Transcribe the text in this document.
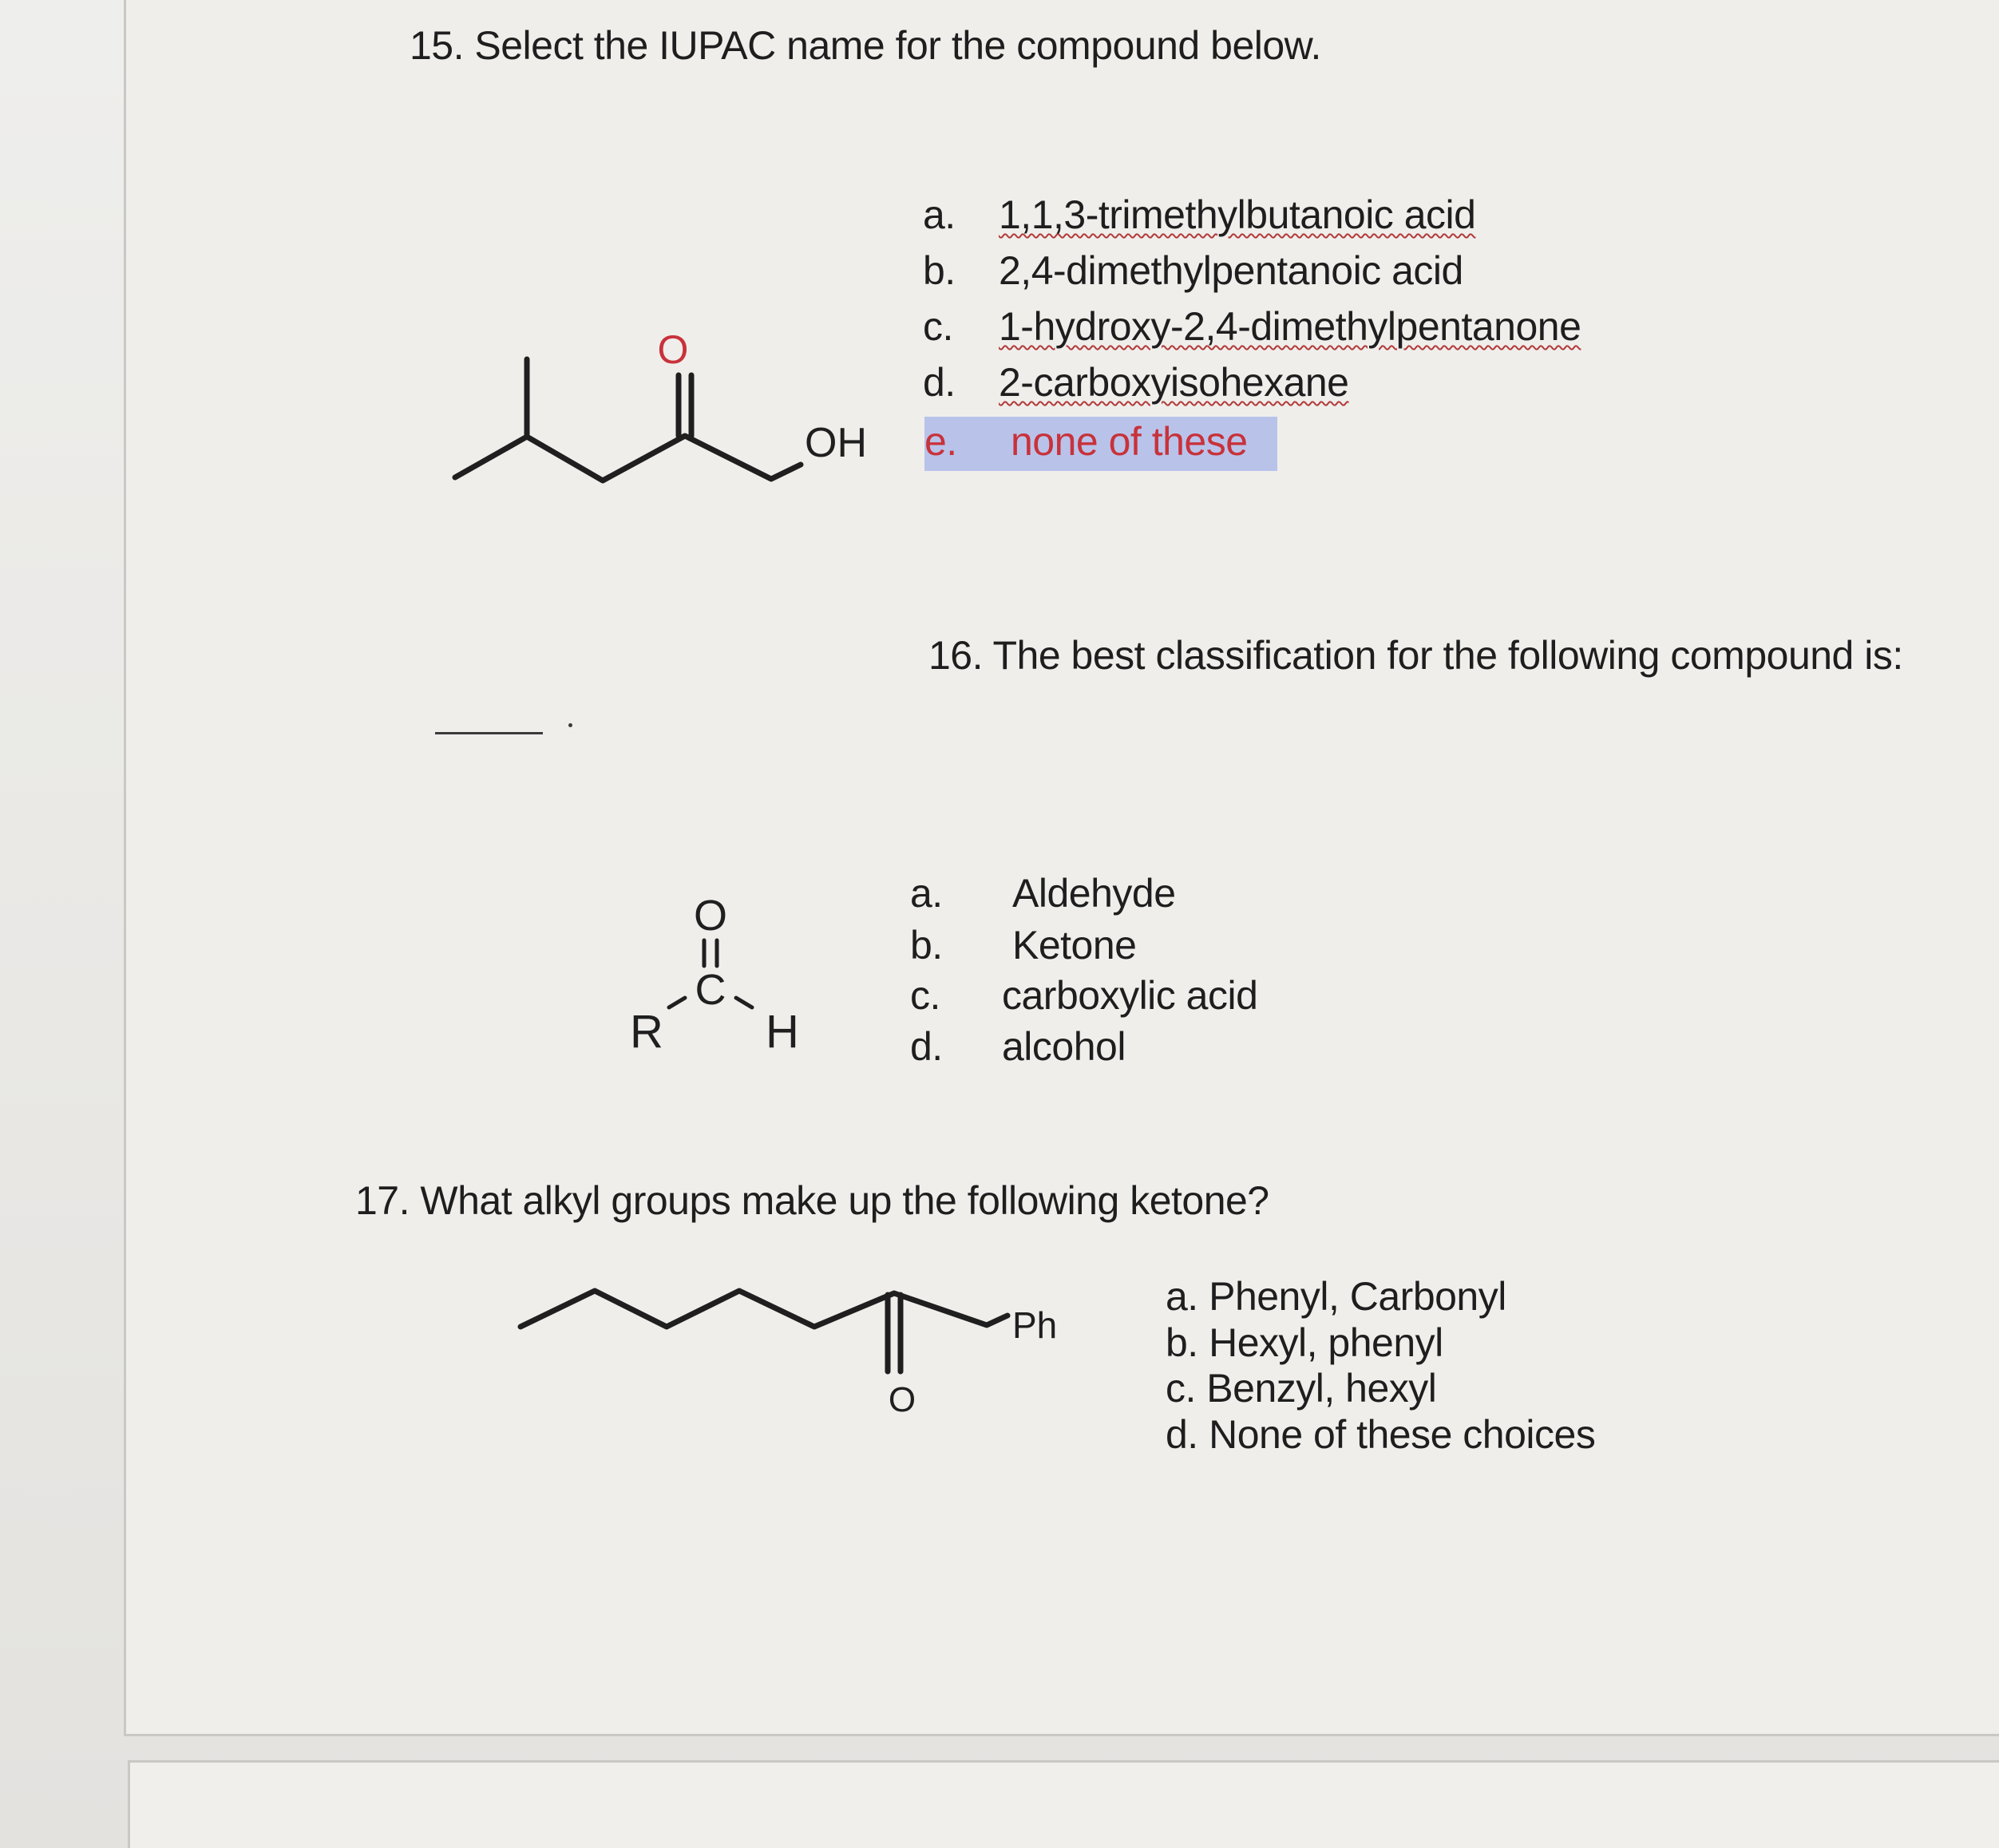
15. Select the IUPAC name for the compound below.
O
OH
a. 1,1,3-trimethylbutanoic acid
b. 2,4-dimethylpentanoic acid
c. 1-hydroxy-2,4-dimethylpentanone
d. 2-carboxyisohexane
e. none of these
16. The best classification for the following compound is:
O
C
R H
a. Aldehyde
b. Ketone
c. carboxylic acid
d. alcohol
17. What alkyl groups make up the following ketone?
O
Ph
a. Phenyl, Carbonyl
b. Hexyl, phenyl
c. Benzyl, hexyl
d. None of these choices
